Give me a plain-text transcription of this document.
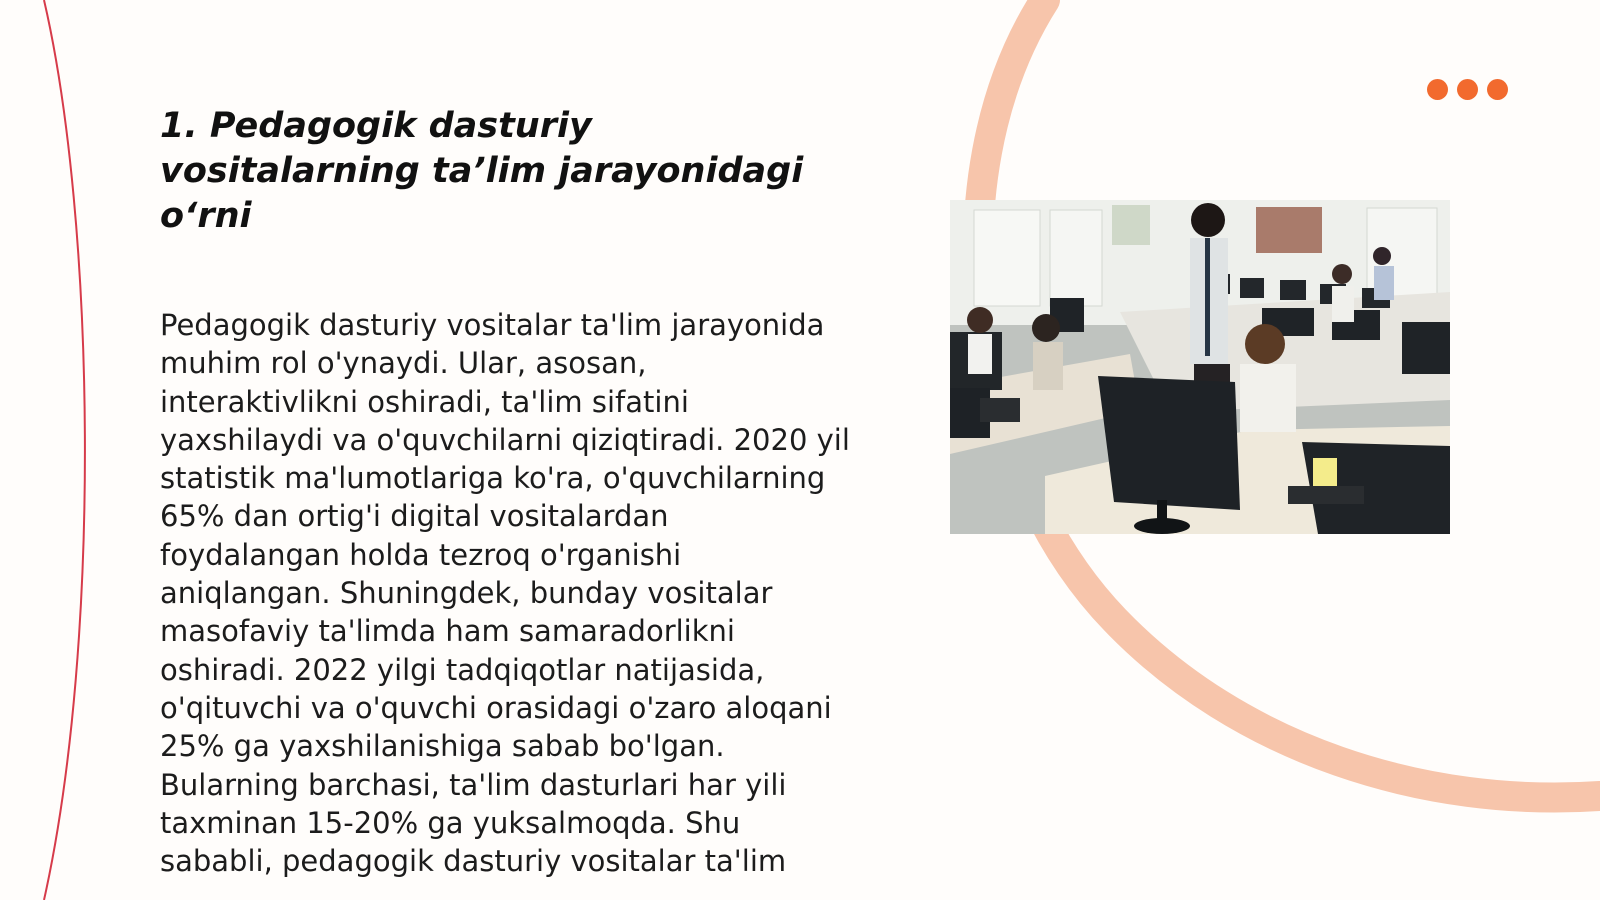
1. Pedagogik dasturiy vositalarning ta’lim jarayonidagi o‘rni

Pedagogik dasturiy vositalar ta'lim jarayonida muhim rol o'ynaydi. Ular, asosan, interaktivlikni oshiradi, ta'lim sifatini yaxshilaydi va o'quvchilarni qiziqtiradi. 2020 yil statistik ma'lumotlariga ko'ra, o'quvchilarning 65% dan ortig'i digital vositalardan foydalangan holda tezroq o'rganishi aniqlangan. Shuningdek, bunday vositalar masofaviy ta'limda ham samaradorlikni oshiradi. 2022 yilgi tadqiqotlar natijasida, o'qituvchi va o'quvchi orasidagi o'zaro aloqani 25% ga yaxshilanishiga sabab bo'lgan. Bularning barchasi, ta'lim dasturlari har yili taxminan 15-20% ga yuksalmoqda. Shu sababli, pedagogik dasturiy vositalar ta'lim
